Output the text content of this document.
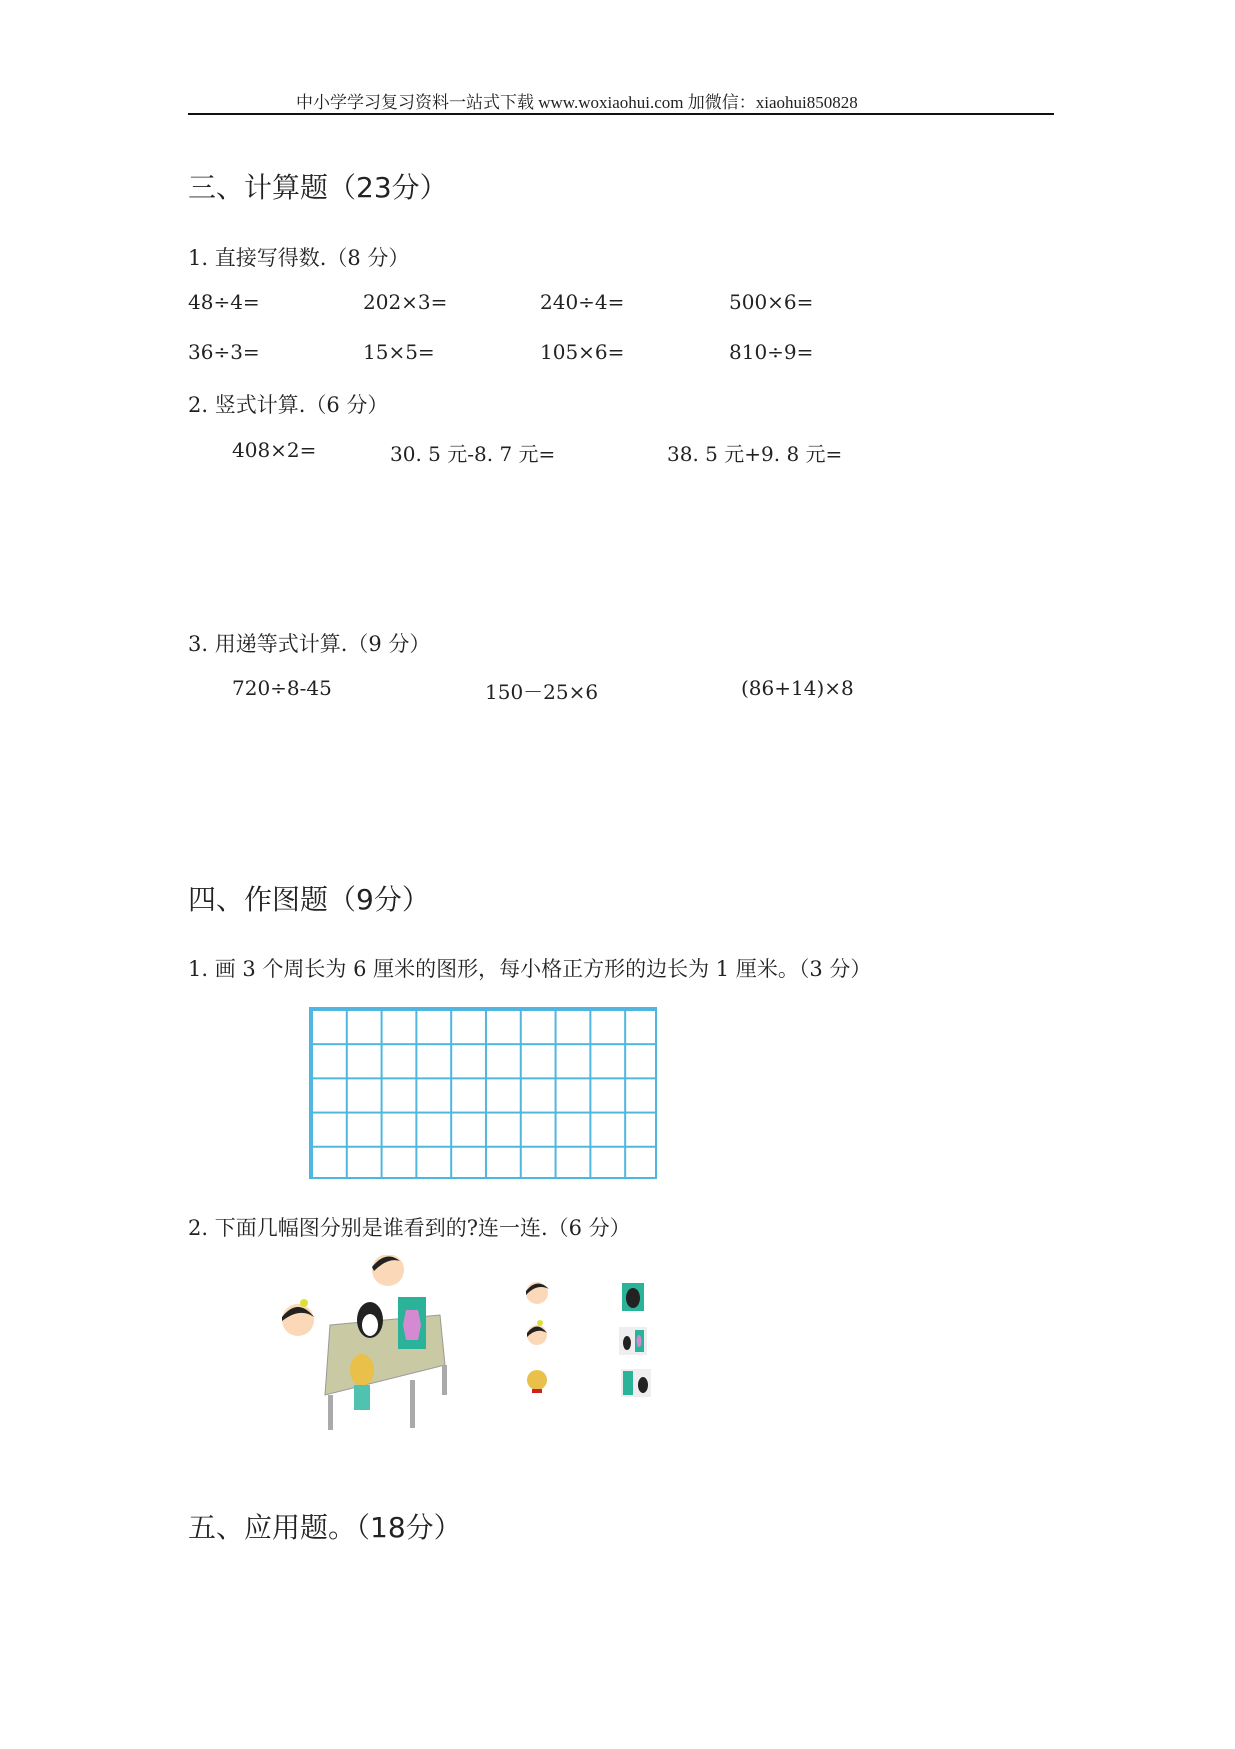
中小学学习复习资料一站式下载 www.woxiaohui.com 加微信：xiaohui850828
三、计算题（23分）
1. 直接写得数.（8 分）
48÷4=	202×3=	240÷4=	500×6=
36÷3=	15×5=	105×6=	810÷9=
2. 竖式计算.（6 分）
408×2=	30. 5 元-8. 7 元=	38. 5 元+9. 8 元=
3. 用递等式计算.（9 分）
720÷8-45	150－25×6	(86+14)×8
四、作图题（9分）
1. 画 3 个周长为 6 厘米的图形，每小格正方形的边长为 1 厘米。（3 分）
2. 下面几幅图分别是谁看到的?连一连.（6 分）
五、应用题。（18分）
